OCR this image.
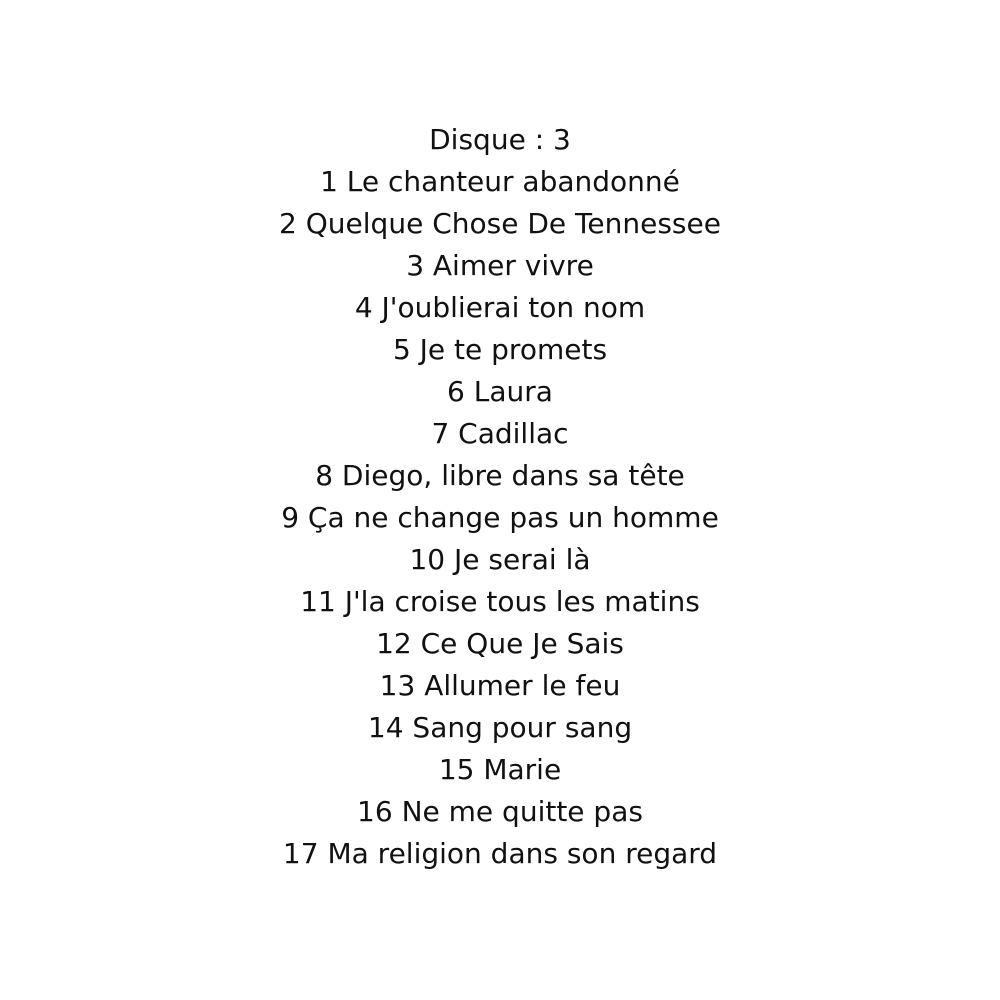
Disque : 3
1 Le chanteur abandonné
2 Quelque Chose De Tennessee
3 Aimer vivre
4 J'oublierai ton nom
5 Je te promets
6 Laura
7 Cadillac
8 Diego, libre dans sa tête
9 Ça ne change pas un homme
10 Je serai là
11 J'la croise tous les matins
12 Ce Que Je Sais
13 Allumer le feu
14 Sang pour sang
15 Marie
16 Ne me quitte pas
17 Ma religion dans son regard
